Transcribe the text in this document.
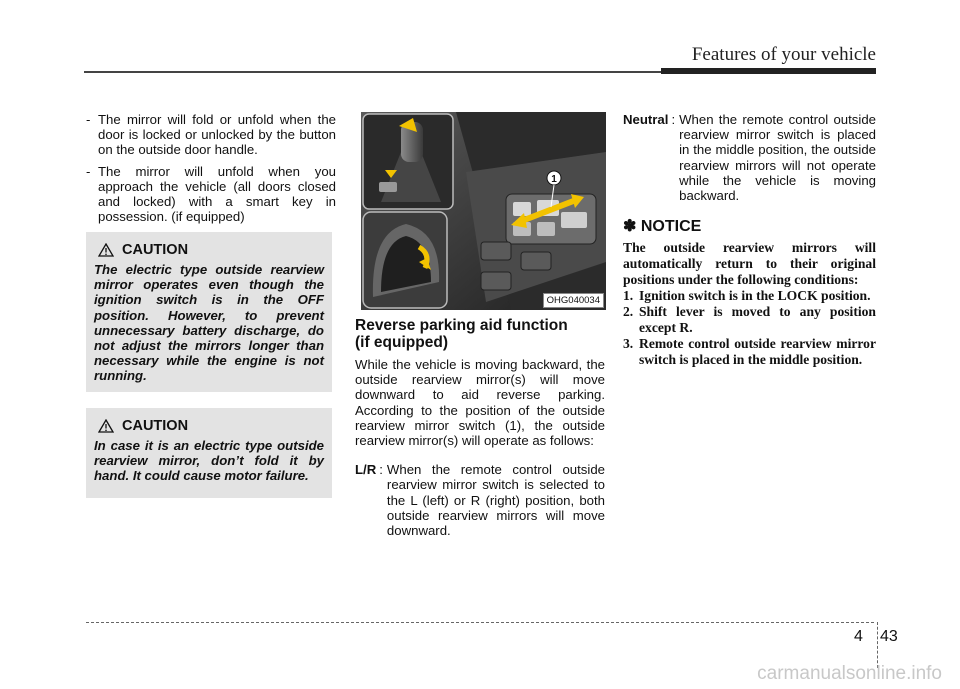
Features of your vehicle
- The mirror will fold or unfold when the door is locked or unlocked by the button on the outside door handle.
- The mirror will unfold when you approach the vehicle (all doors closed and locked) with a smart key in possession. (if equipped)
CAUTION
The electric type outside rearview mirror operates even though the ignition switch is in the OFF position. However, to prevent unnecessary battery discharge, do not adjust the mirrors longer than necessary while the engine is not running.
CAUTION
In case it is an electric type outside rearview mirror, don’t fold it by hand. It could cause motor failure.
1
OHG040034
Reverse parking aid function
(if equipped)
While the vehicle is moving backward, the outside rearview mirror(s) will move downward to aid reverse parking. According to the position of the outside rearview mirror switch (1), the outside rearview mirror(s) will operate as follows:
L/R : When the remote control outside rearview mirror switch is selected to the L (left) or R (right) position, both outside rearview mirrors will move downward.
Neutral : When the remote control outside rearview mirror switch is placed in the middle position, the outside rearview mirrors will not operate while the vehicle is moving backward.
✽ NOTICE
The outside rearview mirrors will automatically return to their original positions under the following conditions:
1. Ignition switch is in the LOCK position.
2. Shift lever is moved to any position except R.
3. Remote control outside rearview mirror switch is placed in the middle position.
4 43
carmanualsonline.info
